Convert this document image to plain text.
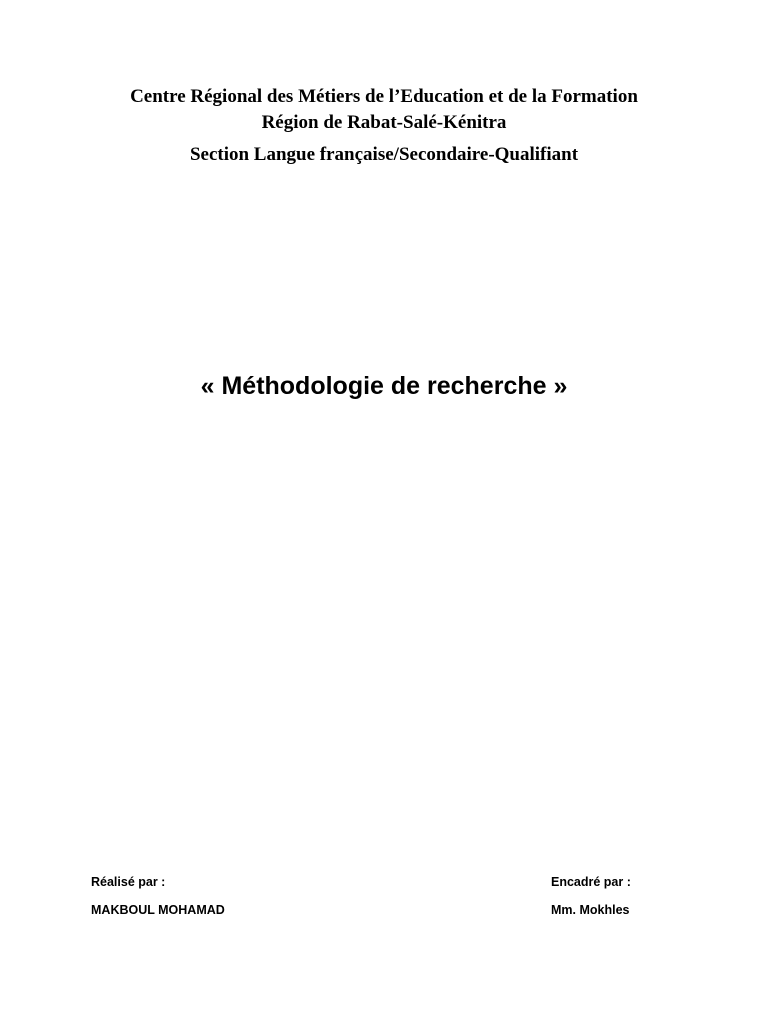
Centre Régional des Métiers de l’Education et de la Formation
Région de Rabat-Salé-Kénitra
Section Langue française/Secondaire-Qualifiant
« Méthodologie de recherche »
Réalisé par :
MAKBOUL MOHAMAD
Encadré par :
Mm. Mokhles
